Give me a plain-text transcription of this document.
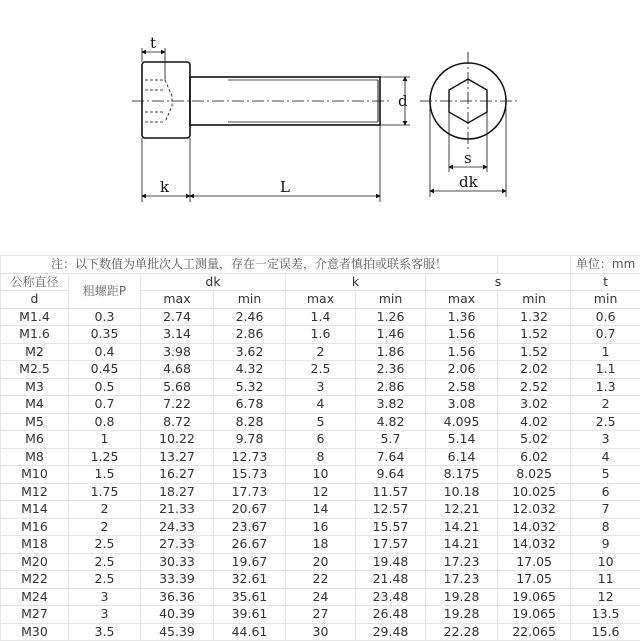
t
d
k	L
s
dk
注：以下数值为单批次人工测量，存在一定误差，介意者慎拍或联系客服！								单位：mm
公称直径	粗螺距P	dk		k		s		t
d		max	min	max	min	max	min	min
M1.4	0.3	2.74	2.46	1.4	1.26	1.36	1.32	0.6
M1.6	0.35	3.14	2.86	1.6	1.46	1.56	1.52	0.7
M2	0.4	3.98	3.62	2	1.86	1.56	1.52	1
M2.5	0.45	4.68	4.32	2.5	2.36	2.06	2.02	1.1
M3	0.5	5.68	5.32	3	2.86	2.58	2.52	1.3
M4	0.7	7.22	6.78	4	3.82	3.08	3.02	2
M5	0.8	8.72	8.28	5	4.82	4.095	4.02	2.5
M6	1	10.22	9.78	6	5.7	5.14	5.02	3
M8	1.25	13.27	12.73	8	7.64	6.14	6.02	4
M10	1.5	16.27	15.73	10	9.64	8.175	8.025	5
M12	1.75	18.27	17.73	12	11.57	10.18	10.025	6
M14	2	21.33	20.67	14	12.57	12.21	12.032	7
M16	2	24.33	23.67	16	15.57	14.21	14.032	8
M18	2.5	27.33	26.67	18	17.57	14.21	14.032	9
M20	2.5	30.33	19.67	20	19.48	17.23	17.05	10
M22	2.5	33.39	32.61	22	21.48	17.23	17.05	11
M24	3	36.36	35.61	24	23.48	19.28	19.065	12
M27	3	40.39	39.61	27	26.48	19.28	19.065	13.5
M30	3.5	45.39	44.61	30	29.48	22.28	22.065	15.6
